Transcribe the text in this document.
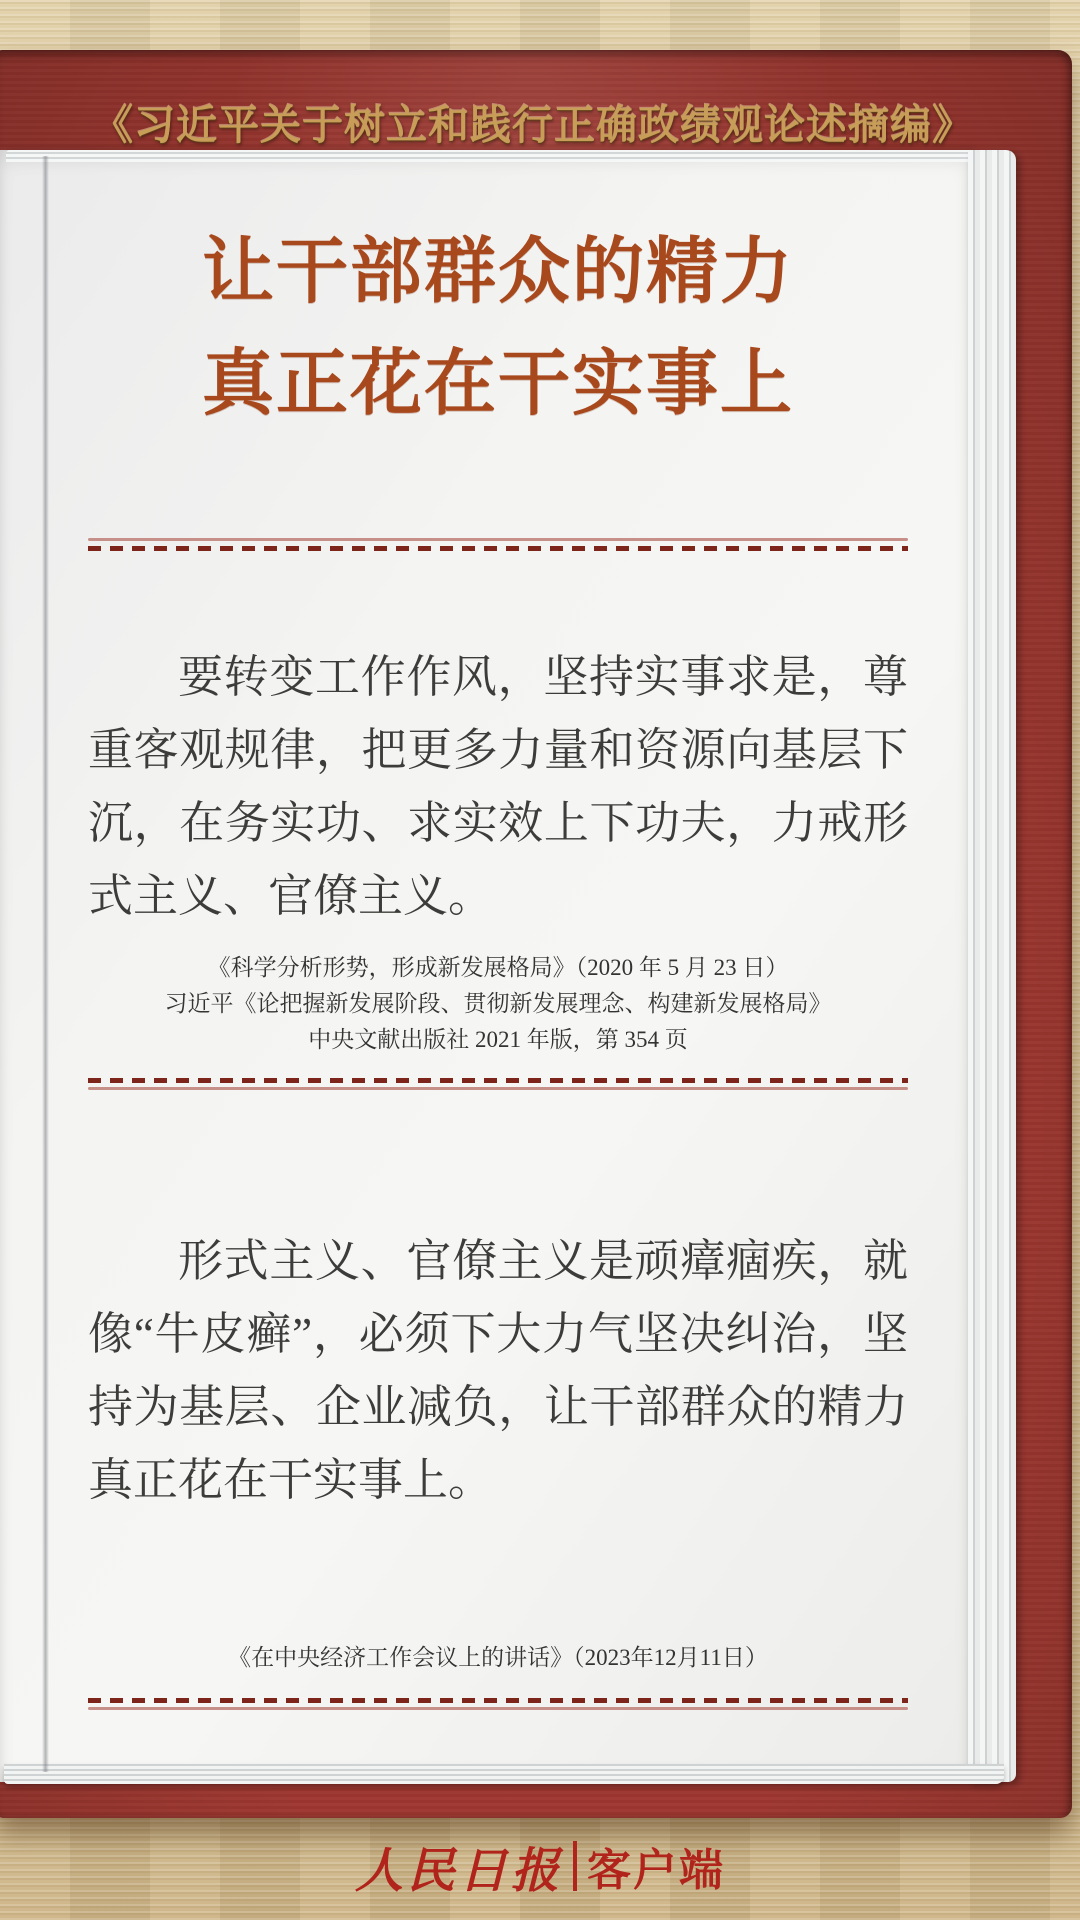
《习近平关于树立和践行正确政绩观论述摘编》
让干部群众的精力
真正花在干实事上

要转变工作作风，坚持实事求是，尊重客观规律，把更多力量和资源向基层下沉，在务实功、求实效上下功夫，力戒形式主义、官僚主义。

《科学分析形势，形成新发展格局》（2020 年 5 月 23 日）
习近平《论把握新发展阶段、贯彻新发展理念、构建新发展格局》
中央文献出版社 2021 年版，第 354 页

形式主义、官僚主义是顽瘴痼疾，就像“牛皮癣”，必须下大力气坚决纠治，坚持为基层、企业减负，让干部群众的精力真正花在干实事上。

《在中央经济工作会议上的讲话》（2023年12月11日）
人民日报 客户端
